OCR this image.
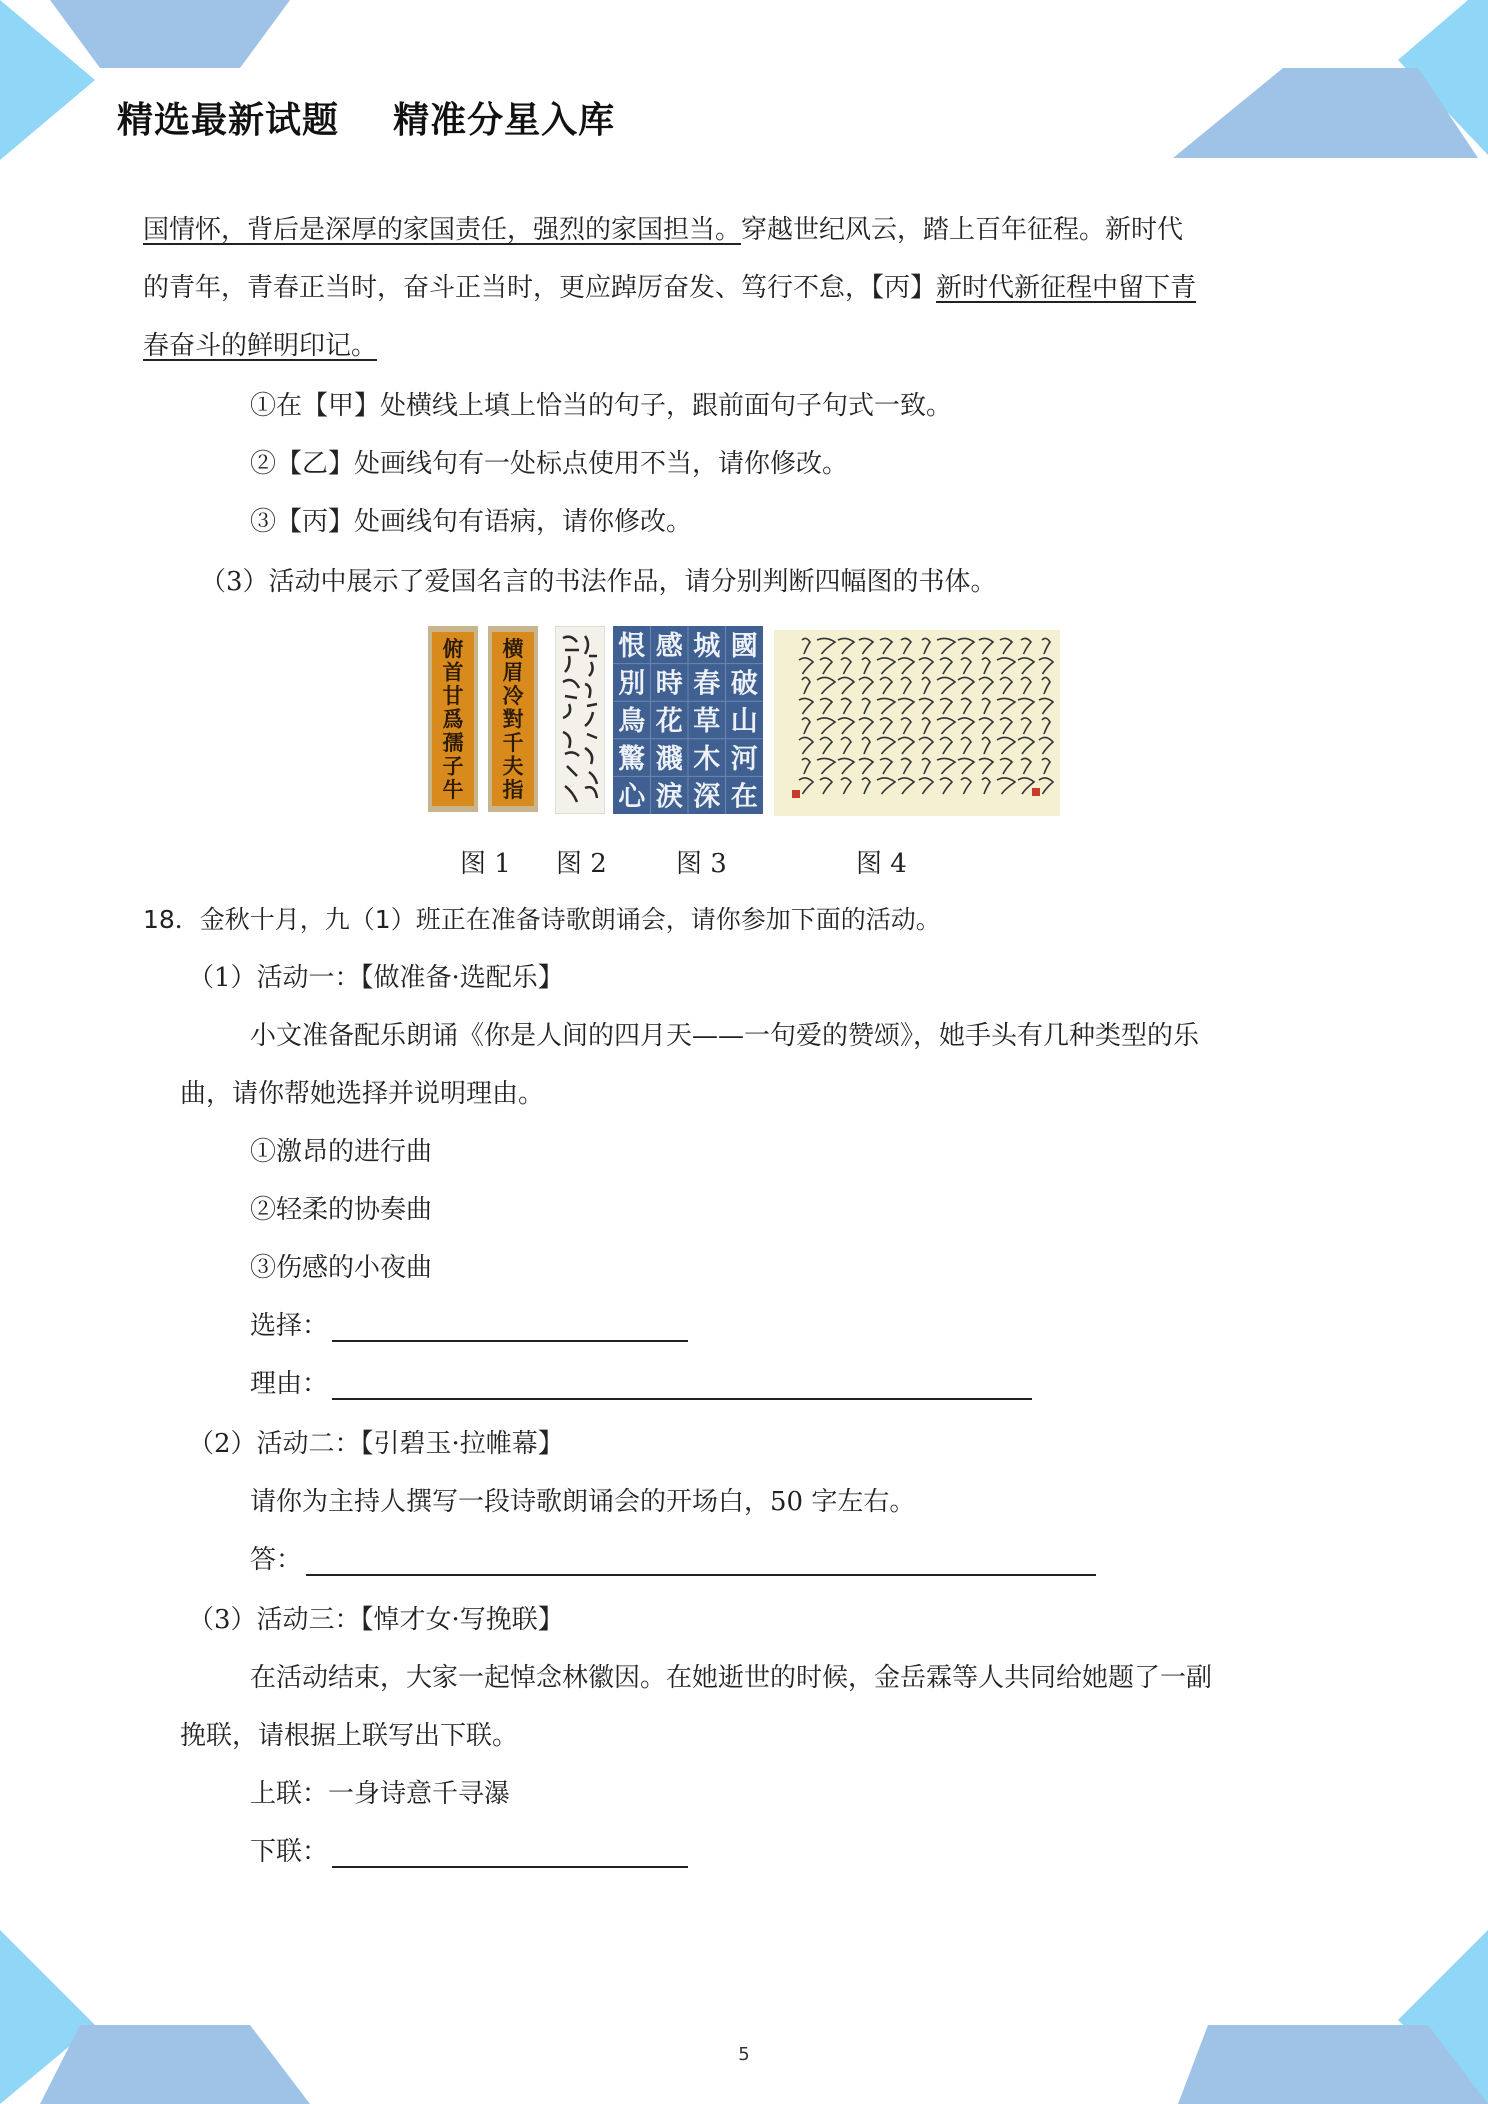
精选最新试题    精准分星入库
国情怀，背后是深厚的家国责任，强烈的家国担当。穿越世纪风云，踏上百年征程。新时代
的青年，青春正当时，奋斗正当时，更应踔厉奋发、笃行不怠，【丙】新时代新征程中留下青
春奋斗的鲜明印记。
①在【甲】处横线上填上恰当的句子，跟前面句子句式一致。
②【乙】处画线句有一处标点使用不当，请你修改。
③【丙】处画线句有语病，请你修改。
（3）活动中展示了爱国名言的书法作品，请分别判断四幅图的书体。
俯
首
甘
爲
孺
子
牛
横
眉
冷
對
千
夫
指
國
破
山
河
在
城
春
草
木
深
感
時
花
濺
淚
恨
別
鳥
驚
心
图 1 图 2	图 3	图 4
18．金秋十月，九（1）班正在准备诗歌朗诵会，请你参加下面的活动。
（1）活动一：【做准备·选配乐】
小文准备配乐朗诵《你是人间的四月天——一句爱的赞颂》，她手头有几种类型的乐
曲，请你帮她选择并说明理由。
①激昂的进行曲
②轻柔的协奏曲
③伤感的小夜曲
选择：
理由：
（2）活动二：【引碧玉·拉帷幕】
请你为主持人撰写一段诗歌朗诵会的开场白，50 字左右。
答：
（3）活动三：【悼才女·写挽联】
在活动结束，大家一起悼念林徽因。在她逝世的时候，金岳霖等人共同给她题了一副
挽联，请根据上联写出下联。
上联：一身诗意千寻瀑
下联：
5
